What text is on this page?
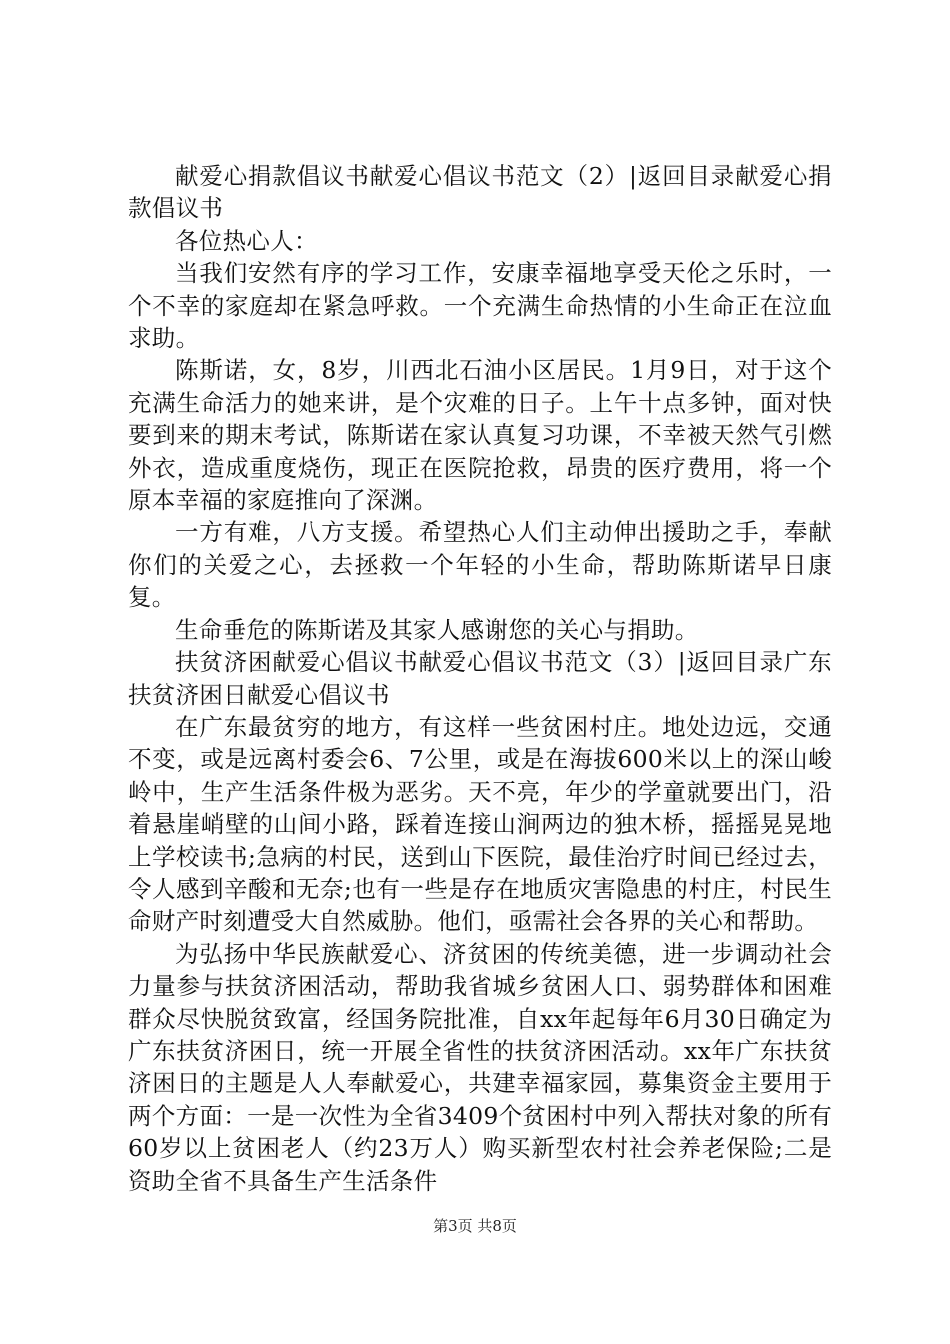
献爱心捐款倡议书献爱心倡议书范文（2）|返回目录献爱心捐款倡议书

各位热心人：

当我们安然有序的学习工作，安康幸福地享受天伦之乐时，一个不幸的家庭却在紧急呼救。一个充满生命热情的小生命正在泣血求助。

陈斯诺，女，8岁，川西北石油小区居民。1月9日，对于这个充满生命活力的她来讲，是个灾难的日子。上午十点多钟，面对快要到来的期末考试，陈斯诺在家认真复习功课，不幸被天然气引燃外衣，造成重度烧伤，现正在医院抢救，昂贵的医疗费用，将一个原本幸福的家庭推向了深渊。

一方有难，八方支援。希望热心人们主动伸出援助之手，奉献你们的关爱之心，去拯救一个年轻的小生命，帮助陈斯诺早日康复。

生命垂危的陈斯诺及其家人感谢您的关心与捐助。

扶贫济困献爱心倡议书献爱心倡议书范文（3）|返回目录广东扶贫济困日献爱心倡议书

在广东最贫穷的地方，有这样一些贫困村庄。地处边远，交通不变，或是远离村委会6、7公里，或是在海拔600米以上的深山峻岭中，生产生活条件极为恶劣。天不亮，年少的学童就要出门，沿着悬崖峭壁的山间小路，踩着连接山涧两边的独木桥，摇摇晃晃地上学校读书;急病的村民，送到山下医院，最佳治疗时间已经过去，令人感到辛酸和无奈;也有一些是存在地质灾害隐患的村庄，村民生命财产时刻遭受大自然威胁。他们，亟需社会各界的关心和帮助。

为弘扬中华民族献爱心、济贫困的传统美德，进一步调动社会力量参与扶贫济困活动，帮助我省城乡贫困人口、弱势群体和困难群众尽快脱贫致富，经国务院批准，自xx年起每年6月30日确定为广东扶贫济困日，统一开展全省性的扶贫济困活动。xx年广东扶贫济困日的主题是人人奉献爱心，共建幸福家园，募集资金主要用于两个方面：一是一次性为全省3409个贫困村中列入帮扶对象的所有60岁以上贫困老人（约23万人）购买新型农村社会养老保险;二是资助全省不具备生产生活条件

第3页 共8页
